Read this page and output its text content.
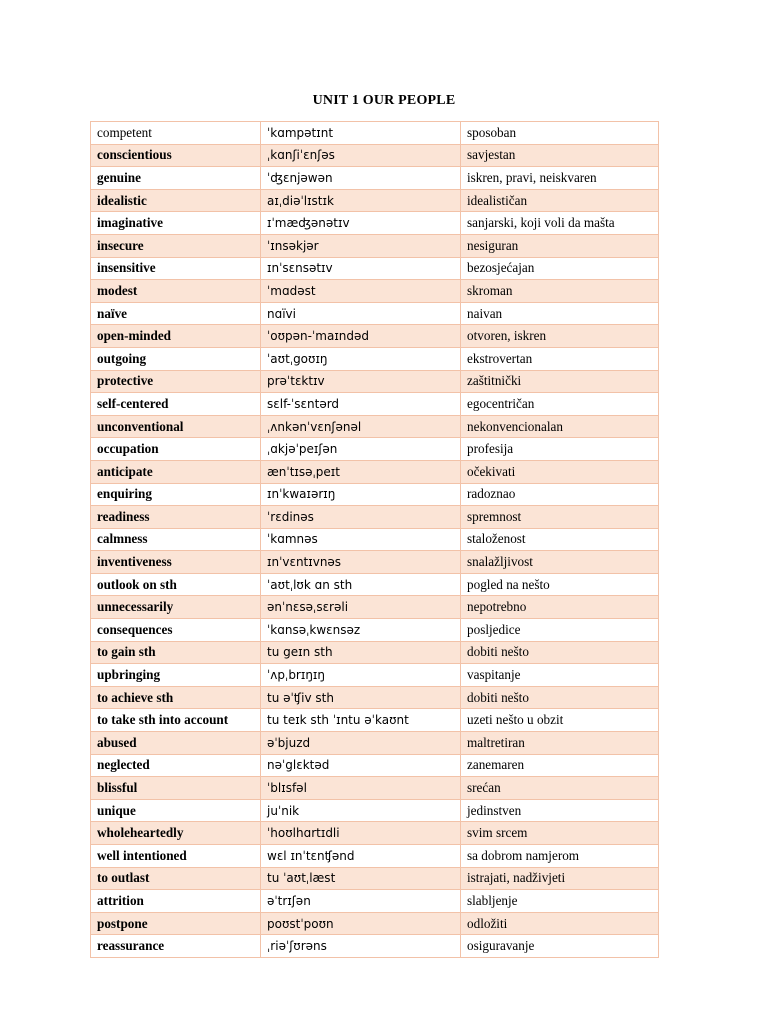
UNIT 1 OUR PEOPLE
competent	ˈkɑmpətɪnt	sposoban
conscientious	ˌkɑnʃiˈɛnʃəs	savjestan
genuine	ˈʤɛnjəwən	iskren, pravi, neiskvaren
idealistic	aɪˌdiəˈlɪstɪk	idealističan
imaginative	ɪˈmæʤənətɪv	sanjarski, koji voli da mašta
insecure	ˈɪnsəkjər	nesiguran
insensitive	ɪnˈsɛnsətɪv	bezosjećajan
modest	ˈmɑdəst	skroman
naïve	nɑïvi	naivan
open-minded	ˈoʊpən-ˈmaɪndəd	otvoren, iskren
outgoing	ˈaʊtˌgoʊɪŋ	ekstrovertan
protective	prəˈtɛktɪv	zaštitnički
self-centered	sɛlf-ˈsɛntərd	egocentričan
unconventional	ˌʌnkənˈvɛnʃənəl	nekonvencionalan
occupation	ˌɑkjəˈpeɪʃən	profesija
anticipate	ænˈtɪsəˌpeɪt	očekivati
enquiring	ɪnˈkwaɪərɪŋ	radoznao
readiness	ˈrɛdinəs	spremnost
calmness	ˈkɑmnəs	staloženost
inventiveness	ɪnˈvɛntɪvnəs	snalažljivost
outlook on sth	ˈaʊtˌlʊk ɑn sth	pogled na nešto
unnecessarily	ənˈnɛsəˌsɛrəli	nepotrebno
consequences	ˈkɑnsəˌkwɛnsəz	posljedice
to gain sth	tu geɪn sth	dobiti nešto
upbringing	ˈʌpˌbrɪŋɪŋ	vaspitanje
to achieve sth	tu əˈʧiv sth	dobiti nešto
to take sth into account	tu teɪk sth ˈɪntu əˈkaʊnt	uzeti nešto u obzit
abused	əˈbjuzd	maltretiran
neglected	nəˈglɛktəd	zanemaren
blissful	ˈblɪsfəl	srećan
unique	juˈnik	jedinstven
wholeheartedly	ˈhoʊlhɑrtɪdli	svim srcem
well intentioned	wɛl ɪnˈtɛnʧənd	sa dobrom namjerom
to outlast	tu ˈaʊtˌlæst	istrajati, nadživjeti
attrition	əˈtrɪʃən	slabljenje
postpone	poʊstˈpoʊn	odložiti
reassurance	ˌriəˈʃʊrəns	osiguravanje
